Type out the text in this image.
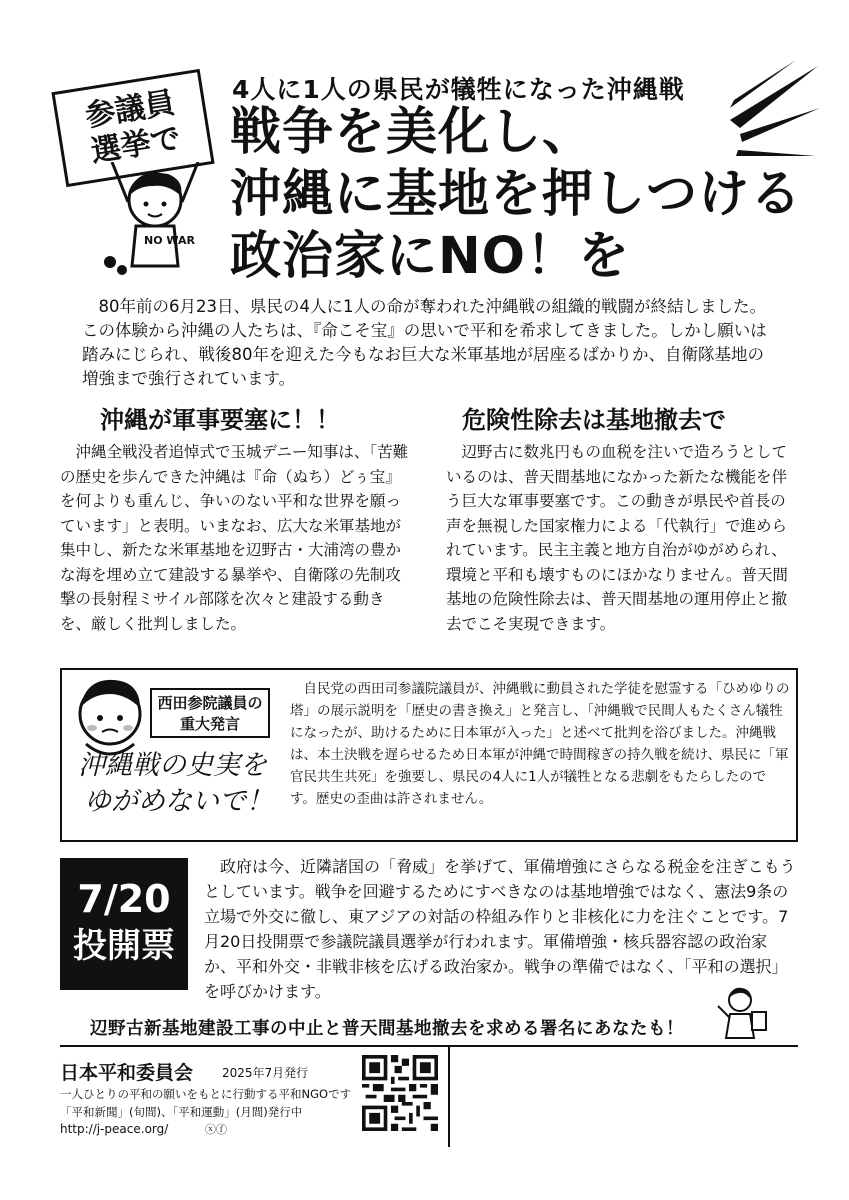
参議員
選挙で
NO WAR
4人に1人の県民が犠牲になった沖縄戦
戦争を美化し、
沖縄に基地を押しつける
政治家にNO！を

80年前の6月23日、県民の4人に1人の命が奪われた沖縄戦の組織的戦闘が終結しました。この体験から沖縄の人たちは、『命こそ宝』の思いで平和を希求してきました。しかし願いは踏みにじられ、戦後80年を迎えた今もなお巨大な米軍基地が居座るばかりか、自衛隊基地の増強まで強行されています。

沖縄が軍事要塞に！！

沖縄全戦没者追悼式で玉城デニー知事は、「苦難の歴史を歩んできた沖縄は『命（ぬち）どぅ宝』を何よりも重んじ、争いのない平和な世界を願っています」と表明。いまなお、広大な米軍基地が集中し、新たな米軍基地を辺野古・大浦湾の豊かな海を埋め立て建設する暴挙や、自衛隊の先制攻撃の長射程ミサイル部隊を次々と建設する動きを、厳しく批判しました。

危険性除去は基地撤去で

辺野古に数兆円もの血税を注いで造ろうとしているのは、普天間基地になかった新たな機能を伴う巨大な軍事要塞です。この動きが県民や首長の声を無視した国家権力による「代執行」で進められています。民主主義と地方自治がゆがめられ、環境と平和も壊すものにほかなりません。普天間基地の危険性除去は、普天間基地の運用停止と撤去でこそ実現できます。

西田参院議員の
重大発言
沖縄戦の史実を
ゆがめないで！

自民党の西田司参議院議員が、沖縄戦に動員された学徒を慰霊する「ひめゆりの塔」の展示説明を「歴史の書き換え」と発言し、「沖縄戦で民間人もたくさん犠牲になったが、助けるために日本軍が入った」と述べて批判を浴びました。沖縄戦は、本土決戦を遅らせるため日本軍が沖縄で時間稼ぎの持久戦を続け、県民に「軍官民共生共死」を強要し、県民の4人に1人が犠牲となる悲劇をもたらしたのです。歴史の歪曲は許されません。

7/20
投開票

政府は今、近隣諸国の「脅威」を挙げて、軍備増強にさらなる税金を注ぎこもうとしています。戦争を回避するためにすべきなのは基地増強ではなく、憲法9条の立場で外交に徹し、東アジアの対話の枠組み作りと非核化に力を注ぐことです。7月20日投開票で参議院議員選挙が行われます。軍備増強・核兵器容認の政治家か、平和外交・非戦非核を広げる政治家か。戦争の準備ではなく、「平和の選択」を呼びかけます。

辺野古新基地建設工事の中止と普天間基地撤去を求める署名にあなたも！
日本平和委員会 2025年7月発行
一人ひとりの平和の願いをもとに行動する平和NGOです
「平和新聞」(旬間)、「平和運動」(月間)発行中
http://j-peace.org/	ⓧⓕ
